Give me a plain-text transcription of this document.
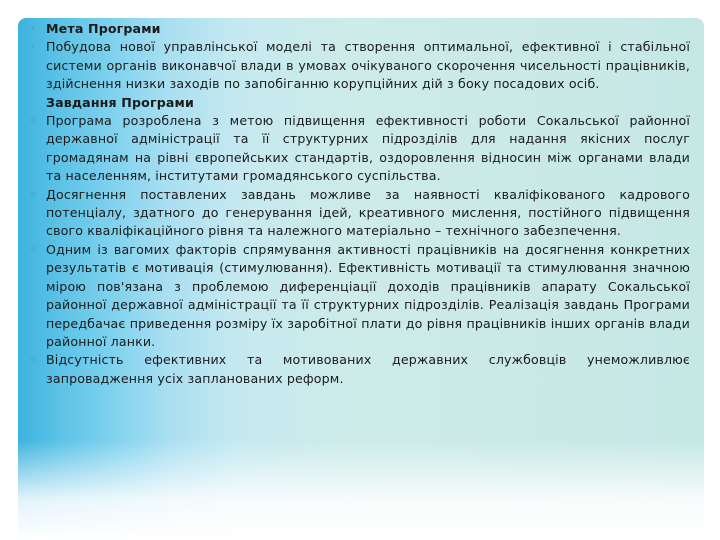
• Мета Програми
• Побудова нової управлінської моделі та створення оптимальної, ефективної і стабільної системи органів виконавчої влади в умовах очікуваного скорочення чисельності працівників, здійснення низки заходів по запобіганню корупційних дій з боку посадових осіб.
Завдання Програми
✳ Програма розроблена з метою підвищення ефективності роботи Сокальської районної державної адміністрації та її структурних підрозділів для надання якісних послуг громадянам на рівні європейських стандартів, оздоровлення відносин між органами влади та населенням, інститутами громадянського суспільства.
✳ Досягнення поставлених завдань можливе за наявності кваліфікованого кадрового потенціалу, здатного до генерування ідей, креативного мислення, постійного підвищення свого кваліфікаційного рівня та належного матеріально – технічного забезпечення.
✳ Одним із вагомих факторів спрямування активності працівників на досягнення конкретних результатів є мотивація (стимулювання). Ефективність мотивації та стимулювання значною мірою пов'язана з проблемою диференціації доходів працівників апарату Сокальської районної державної адміністрації та її структурних підрозділів. Реалізація завдань Програми передбачає приведення розміру їх заробітної плати до рівня працівників інших органів влади районної ланки.
✳ Відсутність ефективних та мотивованих державних службовців унеможливлює запровадження усіх запланованих реформ.
